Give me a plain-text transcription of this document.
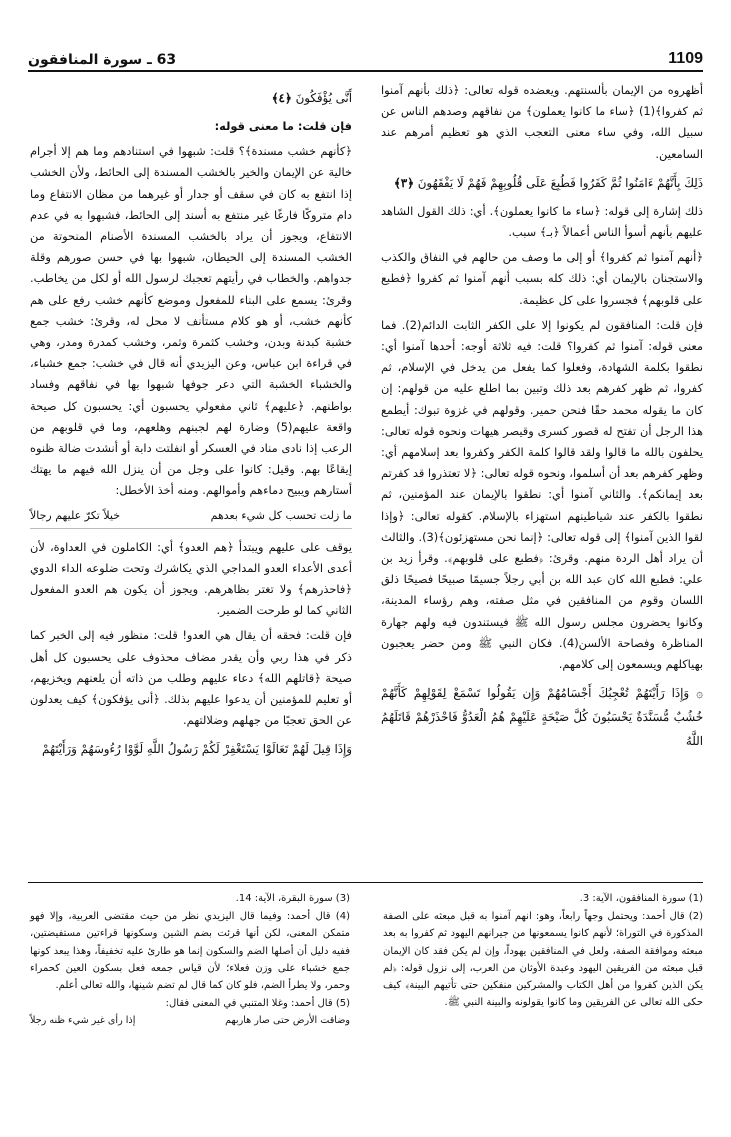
1109
63 ـ سورة المنافقون

أظهروه من الإيمان بألسنتهم. ويعضده قوله تعالى: ﴿ذلك بأنهم آمنوا ثم كفروا﴾(1) ﴿ساء ما كانوا يعملون﴾ من نفاقهم وصدهم الناس عن سبيل الله، وفي ساء معنى التعجب الذي هو تعظيم أمرهم عند السامعين.

ذَلِكَ بِأَنَّهُمْ ءَامَنُوا ثُمَّ كَفَرُوا فَطُبِعَ عَلَى قُلُوبِهِمْ فَهُمْ لَا يَفْقَهُونَ ﴿٣﴾

ذلك إشارة إلى قوله: ﴿ساء ما كانوا يعملون﴾. أي: ذلك القول الشاهد عليهم بأنهم أسوأ الناس أعمالاً ﴿بـ﴾ سبب.

﴿أنهم آمنوا ثم كفروا﴾ أو إلى ما وصف من حالهم في النفاق والكذب والاستجنان بالإيمان أي: ذلك كله بسبب أنهم آمنوا ثم كفروا ﴿فطبع على قلوبهم﴾ فجسروا على كل عظيمة.

فإن قلت: المنافقون لم يكونوا إلا على الكفر الثابت الدائم(2). فما معنى قوله: آمنوا ثم كفروا؟ قلت: فيه ثلاثة أوجه: أحدها آمنوا أي: نطقوا بكلمة الشهادة، وفعلوا كما يفعل من يدخل في الإسلام، ثم كفروا، ثم ظهر كفرهم بعد ذلك وتبين بما اطلع عليه من قولهم: إن كان ما يقوله محمد حقًا فنحن حمير. وقولهم في غزوة تبوك: أيطمع هذا الرجل أن تفتح له قصور كسرى وقيصر هيهات ونحوه قوله تعالى: يحلفون بالله ما قالوا ولقد قالوا كلمة الكفر وكفروا بعد إسلامهم أي: وظهر كفرهم بعد أن أسلموا، ونحوه قوله تعالى: ﴿لا تعتذروا قد كفرتم بعد إيمانكم﴾. والثاني آمنوا أي: نطقوا بالإيمان عند المؤمنين، ثم نطقوا بالكفر عند شياطينهم استهزاء بالإسلام. كقوله تعالى: ﴿وإذا لقوا الذين آمنوا﴾ إلى قوله تعالى: ﴿إنما نحن مستهزئون﴾(3). والثالث أن يراد أهل الردة منهم. وقرئ: ﴿فطبع على قلوبهم﴾. وقرأ زيد بن علي: فطبع الله كان عبد الله بن أبي رجلاً جسيمًا صبيحًا فصيحًا ذلق اللسان وقوم من المنافقين في مثل صفته، وهم رؤساء المدينة، وكانوا يحضرون مجلس رسول الله ﷺ فيستندون فيه ولهم جهارة المناظرة وفصاحة الألسن(4). فكان النبي ﷺ ومن حضر يعجبون بهياكلهم ويسمعون إلى كلامهم.

۞ وَإِذَا رَأَيْتَهُمْ تُعْجِبُكَ أَجْسَامُهُمْ وَإِن يَقُولُوا تَسْمَعْ لِقَوْلِهِمْ كَأَنَّهُمْ خُشُبٌ مُّسَنَّدَةٌ يَحْسَبُونَ كُلَّ صَيْحَةٍ عَلَيْهِمْ هُمُ الْعَدُوُّ فَاحْذَرْهُمْ قَاتَلَهُمُ اللَّهُ
أَنَّى يُؤْفَكُونَ ﴿٤﴾

فإن قلت: ما معنى قوله:

﴿كأنهم خشب مسندة﴾؟ قلت: شبهوا في استنادهم وما هم إلا أجرام خالية عن الإيمان والخير بالخشب المسندة إلى الحائط، ولأن الخشب إذا انتفع به كان في سقف أو جدار أو غيرهما من مظان الانتفاع وما دام متروكًا فارغًا غير منتفع به أسند إلى الحائط، فشبهوا به في عدم الانتفاع، ويجوز أن يراد بالخشب المسندة الأصنام المنحوتة من الخشب المسندة إلى الحيطان، شبهوا بها في حسن صورهم وقلة جدواهم. والخطاب في رأيتهم تعجبك لرسول الله أو لكل من يخاطب. وقرئ: يسمع على البناء للمفعول وموضع كأنهم خشب رفع على هم كأنهم خشب، أو هو كلام مستأنف لا محل له، وقرئ: خشب جمع خشبة كبدنة وبدن، وخشب كثمرة وثمر، وخشب كمدرة ومدر، وهي في قراءة ابن عباس، وعن اليزيدي أنه قال في خشب: جمع خشباء، والخشباء الخشبة التي دعر جوفها شبهوا بها في نفاقهم وفساد بواطنهم. ﴿عليهم﴾ ثاني مفعولي يحسبون أي: يحسبون كل صيحة واقعة عليهم(5) وضارة لهم لجبنهم وهلعهم، وما في قلوبهم من الرعب إذا نادى مناد في العسكر أو انفلتت دابة أو أنشدت ضالة ظنوه إيقاعًا بهم. وقيل: كانوا على وجل من أن ينزل الله فيهم ما يهتك أستارهم ويبيح دماءهم وأموالهم. ومنه أخذ الأخطل:

ما زلت تحسب كل شيء بعدهم
خيلاً تكرّ عليهم رجالاً

يوقف على عليهم ويبتدأ ﴿هم العدو﴾ أي: الكاملون في العداوة، لأن أعدى الأعداء العدو المداجي الذي يكاشرك وتحت ضلوعه الداء الدوي ﴿فاحذرهم﴾ ولا تغتر بظاهرهم. ويجوز أن يكون هم العدو المفعول الثاني كما لو طرحت الضمير.

فإن قلت: فحقه أن يقال هي العدو! قلت: منظور فيه إلى الخبر كما ذكر في هذا ربي وأن يقدر مضاف محذوف على يحسبون كل أهل صيحة ﴿قاتلهم الله﴾ دعاء عليهم وطلب من ذاته أن يلعنهم ويخزيهم، أو تعليم للمؤمنين أن يدعوا عليهم بذلك. ﴿أنى يؤفكون﴾ كيف يعدلون عن الحق تعجبًا من جهلهم وضلالتهم.

وَإِذَا قِيلَ لَهُمْ تَعَالَوْا يَسْتَغْفِرْ لَكُمْ رَسُولُ اللَّهِ لَوَّوْا رُءُوسَهُمْ وَرَأَيْتَهُمْ

(1) سورة المنافقون، الآية: 3.

(2) قال أحمد: ويحتمل وجهاً رابعاً، وهو: انهم آمنوا به قبل مبعثه على الصفة المذكورة في التوراة؛ لأنهم كانوا يسمعونها من جيرانهم اليهود ثم كفروا به بعد مبعثه وموافقة الصفة، ولعل في المنافقين يهوداً، وإن لم يكن فقد كان الإيمان قبل مبعثه من الفريقين اليهود وعبدة الأوثان من العرب، إلى نزول قوله: ﴿لم يكن الذين كفروا من أهل الكتاب والمشركين منفكين حتى تأتيهم البينة﴾ كيف حكى الله تعالى عن الفريقين وما كانوا يقولونه والبينة النبي ﷺ.

(3) سورة البقرة، الآية: 14.

(4) قال أحمد: وفيما قال اليزيدي نظر من حيث مقتضى العربية، وإلا فهو متمكن المعنى، لكن أنها قرئت بضم الشين وسكونها قراءتين مستفيضتين، ففيه دليل أن أصلها الضم والسكون إنما هو طارئ عليه تخفيفاً، وهذا يبعد كونها جمع خشباء على وزن فعلاء؛ لأن قياس جمعه فعل بسكون العين كحمراء وحمر، ولا يطرأ الضم، فلو كان كما قال لم تضم شينها، والله تعالى أعلم.

(5) قال أحمد: وغلا المتنبي في المعنى فقال:

وضاقت الأرض حتى صار هاربهم
إذا رأى غير شيء ظنه رجلاً
